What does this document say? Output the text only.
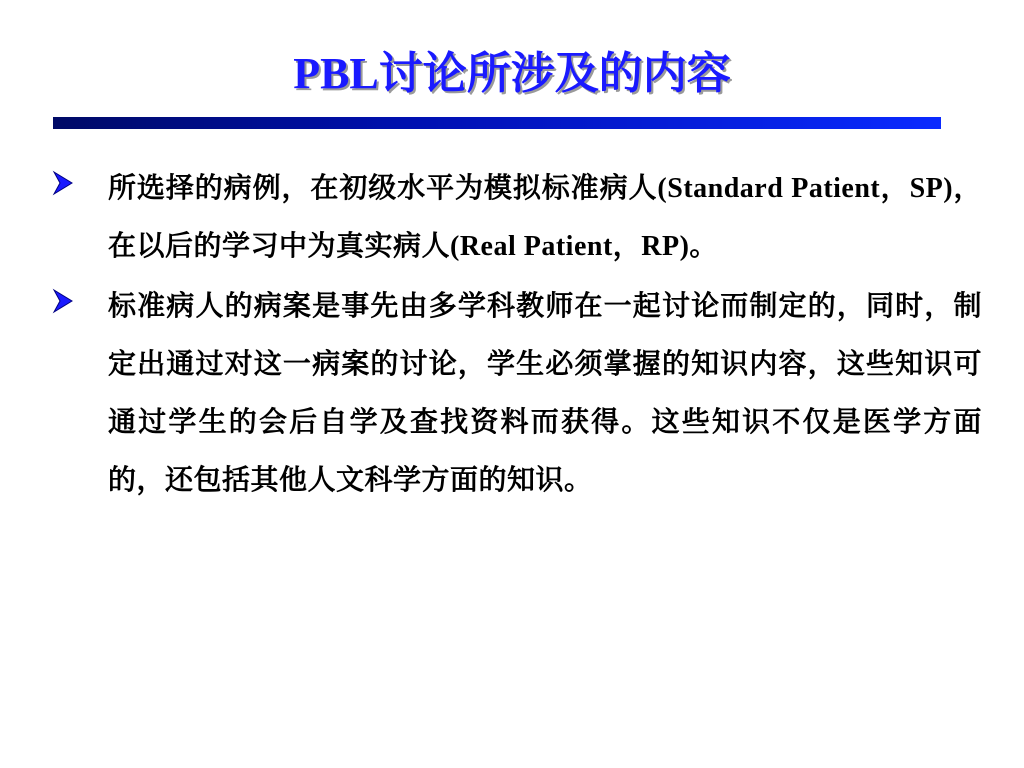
PBL讨论所涉及的内容

所选择的病例，在初级水平为模拟标准病人(Standard Patient，SP)，在以后的学习中为真实病人(Real Patient，RP)。

标准病人的病案是事先由多学科教师在一起讨论而制定的，同时，制定出通过对这一病案的讨论，学生必须掌握的知识内容，这些知识可通过学生的会后自学及查找资料而获得。这些知识不仅是医学方面的，还包括其他人文科学方面的知识。
